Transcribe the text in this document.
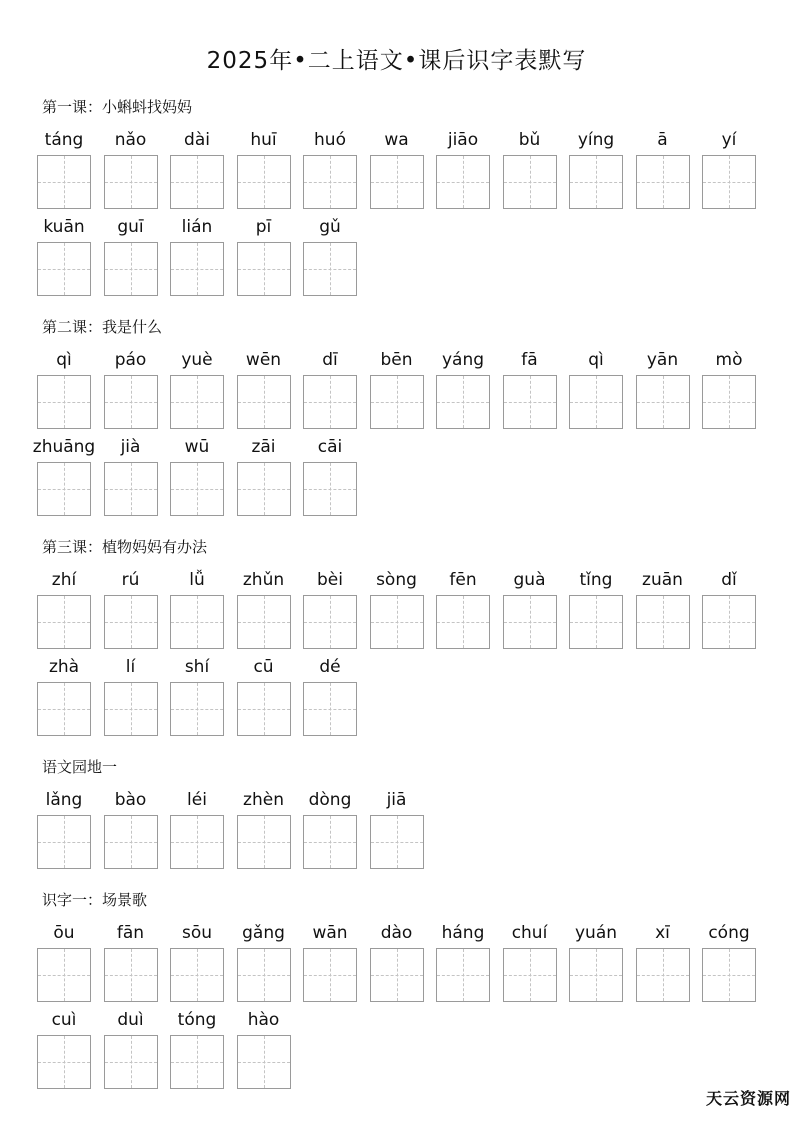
2025年•二上语文•课后识字表默写
第一课：小蝌蚪找妈妈
táng nǎo dài huī huó wa jiāo bǔ yíng	ā	yí
kuān guī lián	pī	gǔ
第二课：我是什么
qì	páo yuè wēn dī	bēn yáng fā	qì	yān mò
zhuāng jià	wū zāi cāi
第三课：植物妈妈有办法
zhí	rú	lǚ zhǔn bèi sòng fēn guà tǐng zuān dǐ
zhà	lí	shí	cū	dé
语文园地一
lǎng bào léi zhèn dòng jiā
识字一：场景歌
ōu fān sōu gǎng wān dào háng chuí yuán xī cóng
cuì duì tóng hào
天云资源网
